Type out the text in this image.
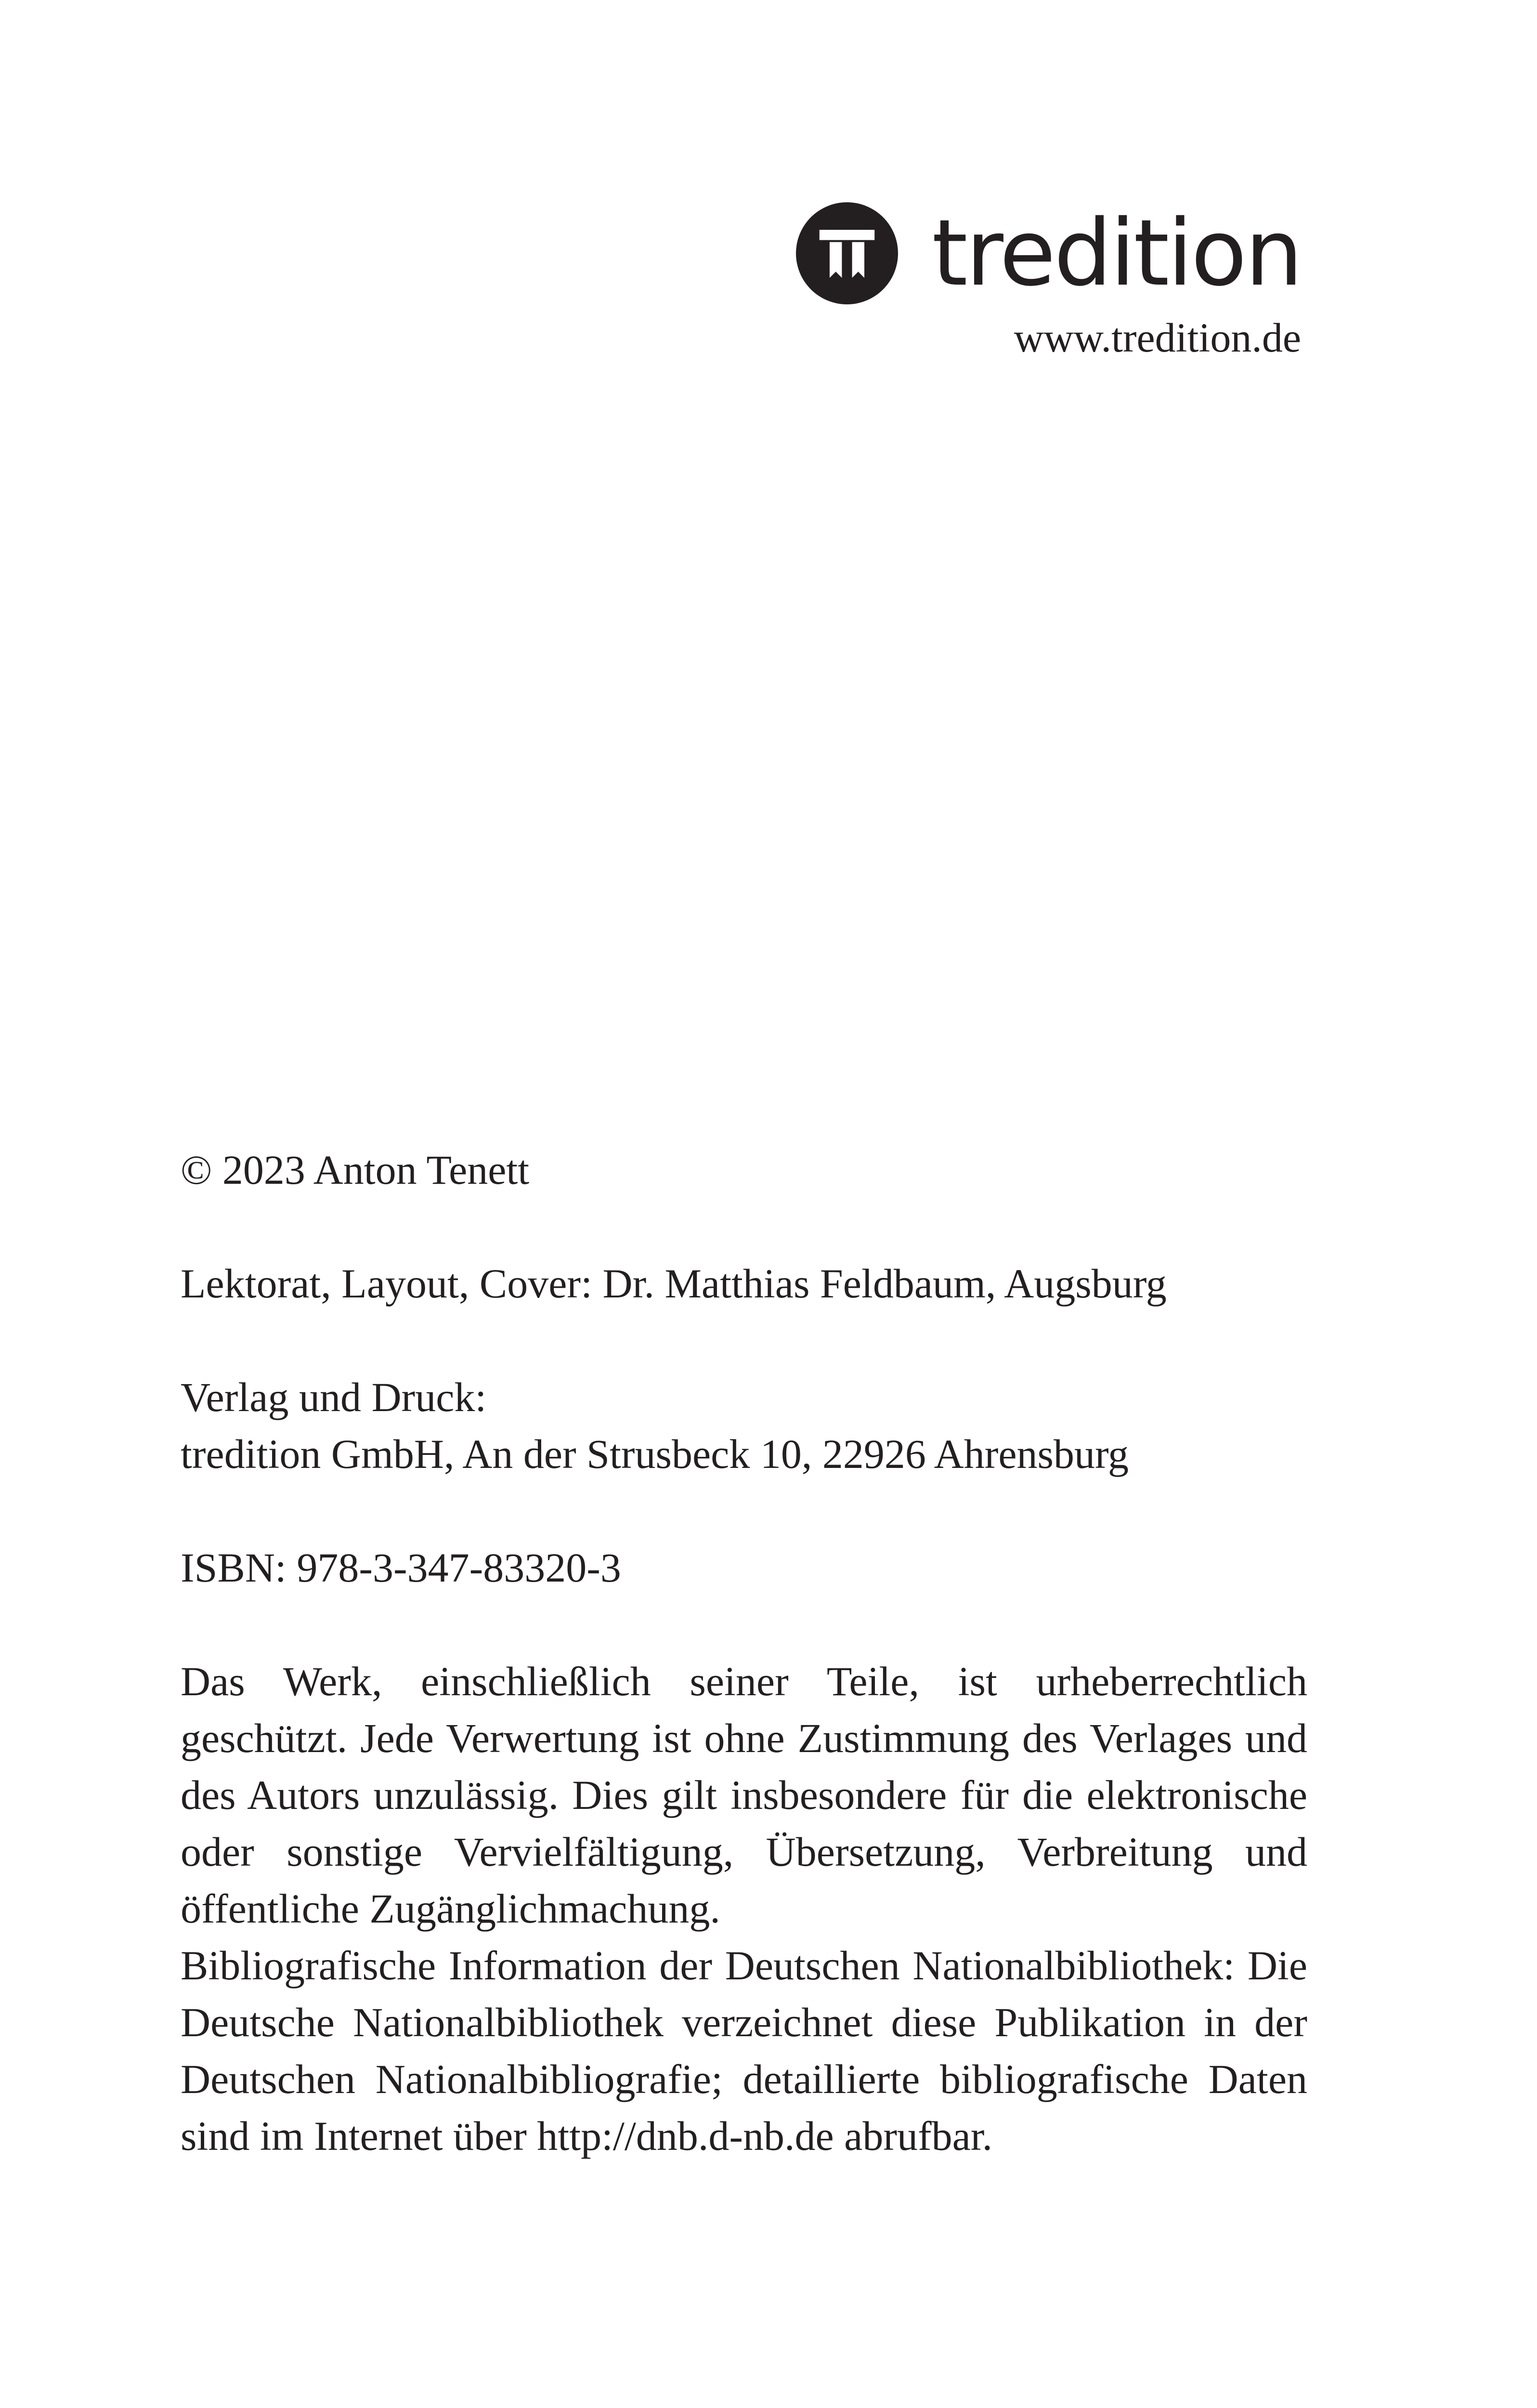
tredition
www.tredition.de

© 2023 Anton Tenett

Lektorat, Layout, Cover: Dr. Matthias Feldbaum, Augsburg

Verlag und Druck:
tredition GmbH, An der Strusbeck 10, 22926 Ahrensburg

ISBN: 978-3-347-83320-3

Das Werk, einschließlich seiner Teile, ist urheberrechtlich geschützt. Jede Verwertung ist ohne Zustimmung des Verlages und des Autors unzulässig. Dies gilt insbesondere für die elektronische oder sonstige Vervielfältigung, Übersetzung, Verbreitung und öffentliche Zugänglichmachung.

Bibliografische Information der Deutschen Nationalbibliothek: Die Deutsche Nationalbibliothek verzeichnet diese Publikation in der Deutschen Nationalbibliografie; detaillierte bibliografische Daten sind im Internet über http://dnb.d-nb.de abrufbar.
